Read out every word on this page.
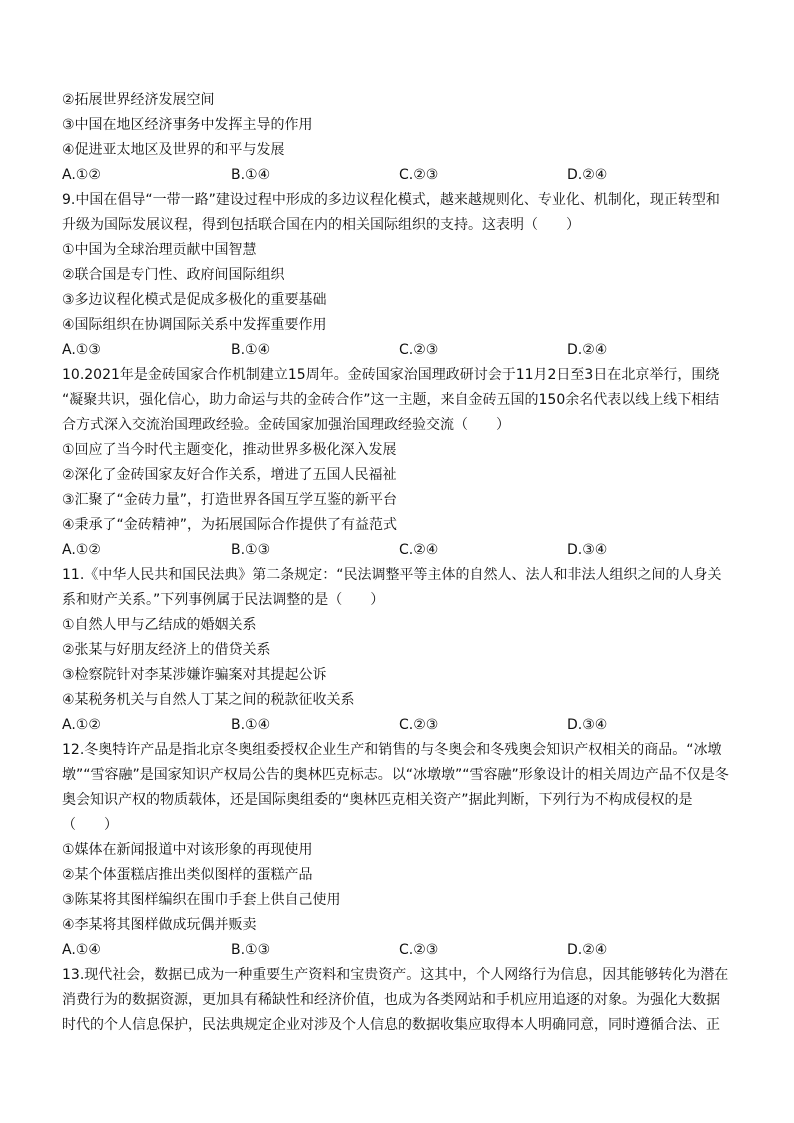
②拓展世界经济发展空间
③中国在地区经济事务中发挥主导的作用
④促进亚太地区及世界的和平与发展
A.①②	B.①④	C.②③	D.②④
9.中国在倡导“一带一路”建设过程中形成的多边议程化模式，越来越规则化、专业化、机制化，现正转型和
升级为国际发展议程，得到包括联合国在内的相关国际组织的支持。这表明（　　）
①中国为全球治理贡献中国智慧
②联合国是专门性、政府间国际组织
③多边议程化模式是促成多极化的重要基础
④国际组织在协调国际关系中发挥重要作用
A.①③	B.①④	C.②③	D.②④
10.2021年是金砖国家合作机制建立15周年。金砖国家治国理政研讨会于11月2日至3日在北京举行，围绕
“凝聚共识，强化信心，助力命运与共的金砖合作”这一主题，来自金砖五国的150余名代表以线上线下相结
合方式深入交流治国理政经验。金砖国家加强治国理政经验交流（　　）
①回应了当今时代主题变化，推动世界多极化深入发展
②深化了金砖国家友好合作关系，增进了五国人民福祉
③汇聚了“金砖力量”，打造世界各国互学互鉴的新平台
④秉承了“金砖精神”，为拓展国际合作提供了有益范式
A.①②	B.①③	C.②④	D.③④
11.《中华人民共和国民法典》第二条规定：“民法调整平等主体的自然人、法人和非法人组织之间的人身关
系和财产关系。”下列事例属于民法调整的是（　　）
①自然人甲与乙结成的婚姻关系
②张某与好朋友经济上的借贷关系
③检察院针对李某涉嫌诈骗案对其提起公诉
④某税务机关与自然人丁某之间的税款征收关系
A.①②	B.①④	C.②③	D.③④
12.冬奥特许产品是指北京冬奥组委授权企业生产和销售的与冬奥会和冬残奥会知识产权相关的商品。“冰墩
墩”“雪容融”是国家知识产权局公告的奥林匹克标志。以“冰墩墩”“雪容融”形象设计的相关周边产品不仅是冬
奥会知识产权的物质载体，还是国际奥组委的“奥林匹克相关资产”据此判断，下列行为不构成侵权的是
（　　）
①媒体在新闻报道中对该形象的再现使用
②某个体蛋糕店推出类似图样的蛋糕产品
③陈某将其图样编织在围巾手套上供自己使用
④李某将其图样做成玩偶并贩卖
A.①④	B.①③	C.②③	D.②④
13.现代社会，数据已成为一种重要生产资料和宝贵资产。这其中，个人网络行为信息，因其能够转化为潜在
消费行为的数据资源，更加具有稀缺性和经济价值，也成为各类网站和手机应用追逐的对象。为强化大数据
时代的个人信息保护，民法典规定企业对涉及个人信息的数据收集应取得本人明确同意，同时遵循合法、正
